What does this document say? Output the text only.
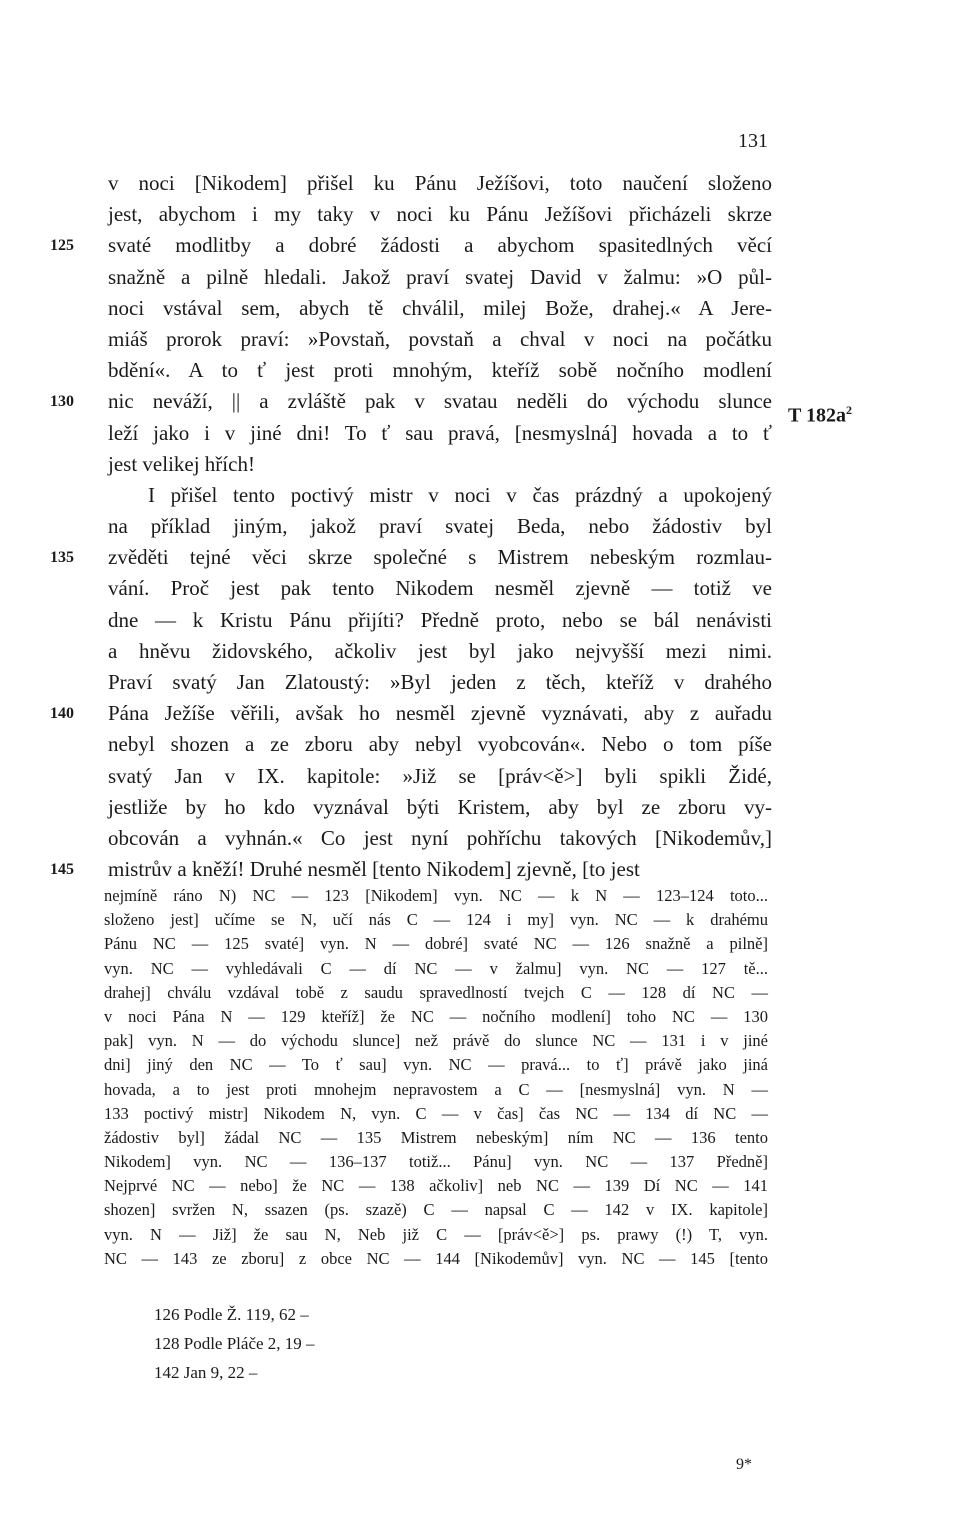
131
v noci [Nikodem] přišel ku Pánu Ježíšovi, toto naučení složeno
jest, abychom i my taky v noci ku Pánu Ježíšovi přicházeli skrze
125	svaté modlitby a dobré žádosti a abychom spasitedlných věcí
snažně a pilně hledali. Jakož praví svatej David v žalmu: »O půl-
noci vstával sem, abych tě chválil, milej Bože, drahej.« A Jere-
miáš prorok praví: »Povstaň, povstaň a chval v noci na počátku
bdění«. A to ť jest proti mnohým, kteříž sobě nočního modlení
130	nic neváží, || a zvláště pak v svatau neděli do východu slunce
leží jako i v jiné dni! To ť sau pravá, [nesmyslná] hovada a to ť
jest velikej hřích!
I přišel tento poctivý mistr v noci v čas prázdný a upokojený
na příklad jiným, jakož praví svatej Beda, nebo žádostiv byl
135	zvěděti tejné věci skrze společné s Mistrem nebeským rozmlau-
vání. Proč jest pak tento Nikodem nesměl zjevně — totiž ve
dne — k Kristu Pánu přijíti? Předně proto, nebo se bál nenávisti
a hněvu židovského, ačkoliv jest byl jako nejvyšší mezi nimi.
Praví svatý Jan Zlatoustý: »Byl jeden z těch, kteříž v drahého
140	Pána Ježíše věřili, avšak ho nesměl zjevně vyznávati, aby z auřadu
nebyl shozen a ze zboru aby nebyl vyobcován«. Nebo o tom píše
svatý Jan v IX. kapitole: »Již se [práv<ě>] byli spikli Židé,
jestliže by ho kdo vyznával býti Kristem, aby byl ze zboru vy-
obcován a vyhnán.« Co jest nyní pohříchu takových [Nikodemův,]
145	mistrův a kněží! Druhé nesměl [tento Nikodem] zjevně, [to jest
T $182a^2$
nejmíně ráno N) NC — 123 [Nikodem] vyn. NC — k N — 123–124 toto...
složeno jest] učíme se N, učí nás C — 124 i my] vyn. NC — k drahému
Pánu NC — 125 svaté] vyn. N — dobré] svaté NC — 126 snažně a pilně]
vyn. NC — vyhledávali C — dí NC — v žalmu] vyn. NC — 127 tě...
drahej] chválu vzdával tobě z saudu spravedlností tvejch C — 128 dí NC —
v noci Pána N — 129 kteříž] že NC — nočního modlení] toho NC — 130
pak] vyn. N — do východu slunce] než právě do slunce NC — 131 i v jiné
dni] jiný den NC — To ť sau] vyn. NC — pravá... to ť] právě jako jiná
hovada, a to jest proti mnohejm nepravostem a C — [nesmyslná] vyn. N —
133 poctivý mistr] Nikodem N, vyn. C — v čas] čas NC — 134 dí NC —
žádostiv byl] žádal NC — 135 Mistrem nebeským] ním NC — 136 tento
Nikodem] vyn. NC — 136–137 totiž... Pánu] vyn. NC — 137 Předně]
Nejprvé NC — nebo] že NC — 138 ačkoliv] neb NC — 139 Dí NC — 141
shozen] svržen N, ssazen (ps. szazě) C — napsal C — 142 v IX. kapitole]
vyn. N — Již] že sau N, Neb již C — [práv<ě>] ps. prawy (!) T, vyn.
NC — 143 ze zboru] z obce NC — 144 [Nikodemův] vyn. NC — 145 [tento
126 Podle Ž. 119, 62 –
128 Podle Pláče 2, 19 –
142 Jan 9, 22 –
9*
